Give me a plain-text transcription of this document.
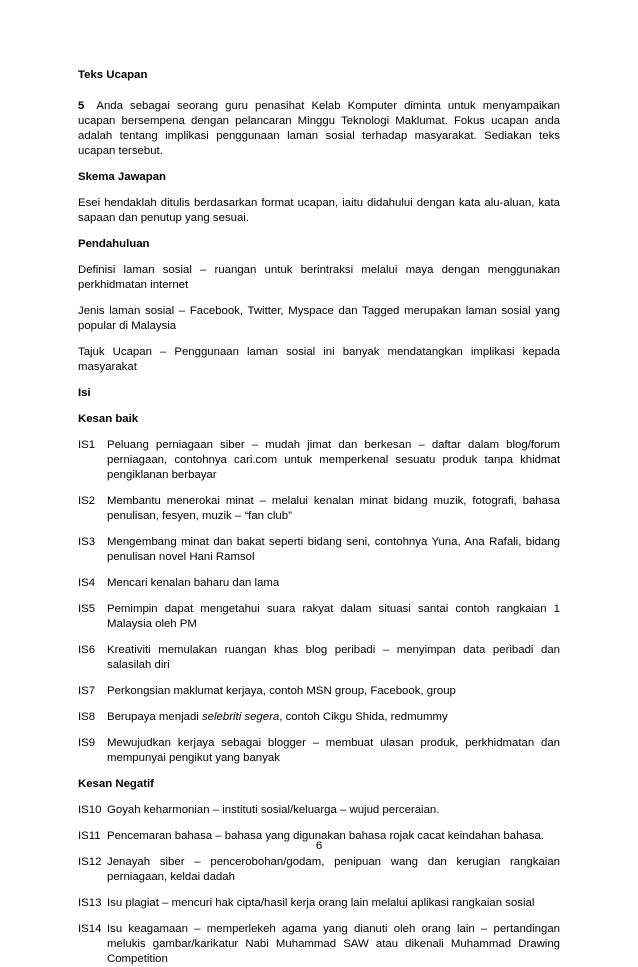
Teks Ucapan

5 Anda sebagai seorang guru penasihat Kelab Komputer diminta untuk menyampaikan ucapan bersempena dengan pelancaran Minggu Teknologi Maklumat. Fokus ucapan anda adalah tentang implikasi penggunaan laman sosial terhadap masyarakat. Sediakan teks ucapan tersebut.

Skema Jawapan

Esei hendaklah ditulis berdasarkan format ucapan, iaitu didahului dengan kata alu-aluan, kata sapaan dan penutup yang sesuai.

Pendahuluan

Definisi laman sosial – ruangan untuk berintraksi melalui maya dengan menggunakan perkhidmatan internet

Jenis laman sosial – Facebook, Twitter, Myspace dan Tagged merupakan laman sosial yang popular di Malaysia

Tajuk Ucapan – Penggunaan laman sosial ini banyak mendatangkan implikasi kepada masyarakat

Isi

Kesan baik

IS1	Peluang perniagaan siber – mudah jimat dan berkesan – daftar dalam blog/forum perniagaan, contohnya cari.com untuk memperkenal sesuatu produk tanpa khidmat pengiklanan berbayar
IS2	Membantu menerokai minat – melalui kenalan minat bidang muzik, fotografi, bahasa penulisan, fesyen, muzik – “fan club”
IS3	Mengembang minat dan bakat seperti bidang seni, contohnya Yuna, Ana Rafali, bidang penulisan novel Hani Ramsol
IS4	Mencari kenalan baharu dan lama
IS5	Pemimpin dapat mengetahui suara rakyat dalam situasi santai contoh rangkaian 1 Malaysia oleh PM
IS6	Kreativiti memulakan ruangan khas blog peribadi – menyimpan data peribadi dan salasilah diri
IS7	Perkongsian maklumat kerjaya, contoh MSN group, Facebook, group
IS8	Berupaya menjadi selebriti segera, contoh Cikgu Shida, redmummy
IS9	Mewujudkan kerjaya sebagai blogger – membuat ulasan produk, perkhidmatan dan mempunyai pengikut yang banyak

Kesan Negatif

IS10 Goyah keharmonian – instituti sosial/keluarga – wujud perceraian.
IS11 Pencemaran bahasa – bahasa yang digunakan bahasa rojak cacat keindahan bahasa.
IS12 Jenayah siber – pencerobohan/godam, penipuan wang dan kerugian rangkaian perniagaan, keldai dadah
IS13 Isu plagiat – mencuri hak cipta/hasil kerja orang lain melalui aplikasi rangkaian sosial
IS14 Isu keagamaan – memperlekeh agama yang dianuti oleh orang lain – pertandingan melukis gambar/karikatur Nabi Muhammad SAW atau dikenali Muhammad Drawing Competition
6
